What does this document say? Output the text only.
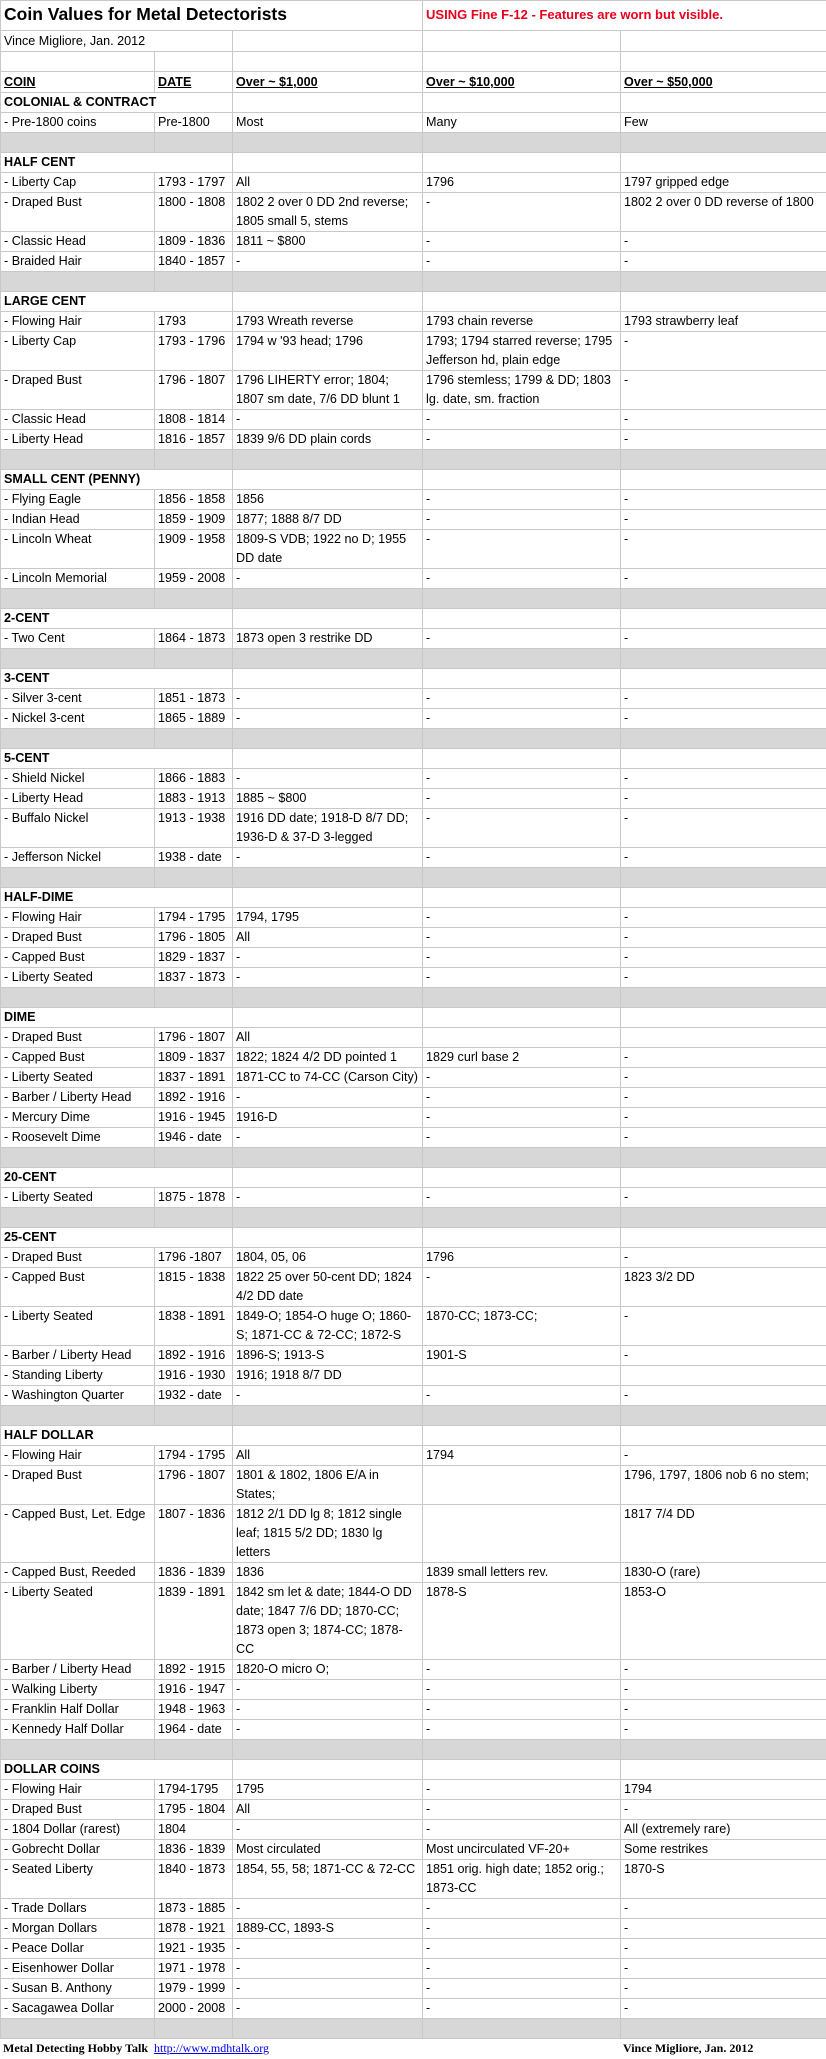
Coin Values for Metal Detectorists			USING Fine F-12 - Features are worn but visible.	
Vince Migliore, Jan. 2012				

COIN	DATE	Over ~ $1,000	Over ~ $10,000	Over ~ $50,000
COLONIAL & CONTRACT				
- Pre-1800 coins	Pre-1800	Most	Many	Few

HALF CENT				
- Liberty Cap	1793 - 1797	All	1796	1797 gripped edge
- Draped Bust	1800 - 1808	1802 2 over 0 DD 2nd reverse; 1805 small 5, stems	-	1802 2 over 0 DD reverse of 1800
- Classic Head	1809 - 1836	1811 ~ $800	-	-
- Braided Hair	1840 - 1857	-	-	-

LARGE CENT				
- Flowing Hair	1793	1793 Wreath reverse	1793 chain reverse	1793 strawberry leaf
- Liberty Cap	1793 - 1796	1794 w '93 head; 1796	1793; 1794 starred reverse; 1795 Jefferson hd, plain edge	-
- Draped Bust	1796 - 1807	1796 LIHERTY error; 1804; 1807 sm date, 7/6 DD blunt 1	1796 stemless; 1799 & DD; 1803 lg. date, sm. fraction	-
- Classic Head	1808 - 1814	-	-	-
- Liberty Head	1816 - 1857	1839 9/6 DD plain cords	-	-

SMALL CENT (PENNY)				
- Flying Eagle	1856 - 1858	1856	-	-
- Indian Head	1859 - 1909	1877; 1888 8/7 DD	-	-
- Lincoln Wheat	1909 - 1958	1809-S VDB; 1922 no D; 1955 DD date	-	-
- Lincoln Memorial	1959 - 2008	-	-	-

2-CENT				
- Two Cent	1864 - 1873	1873 open 3 restrike DD	-	-

3-CENT				
- Silver 3-cent	1851 - 1873	-	-	-
- Nickel 3-cent	1865 - 1889	-	-	-

5-CENT				
- Shield Nickel	1866 - 1883	-	-	-
- Liberty Head	1883 - 1913	1885 ~ $800	-	-
- Buffalo Nickel	1913 - 1938	1916 DD date; 1918-D 8/7 DD; 1936-D & 37-D 3-legged	-	-
- Jefferson Nickel	1938 - date	-	-	-

HALF-DIME				
- Flowing Hair	1794 - 1795	1794, 1795	-	-
- Draped Bust	1796 - 1805	All	-	-
- Capped Bust	1829 - 1837	-	-	-
- Liberty Seated	1837 - 1873	-	-	-

DIME				
- Draped Bust	1796 - 1807	All		
- Capped Bust	1809 - 1837	1822; 1824 4/2 DD pointed 1	1829 curl base 2	-
- Liberty Seated	1837 - 1891	1871-CC to 74-CC (Carson City)	-	-
- Barber / Liberty Head	1892 - 1916	-	-	-
- Mercury Dime	1916 - 1945	1916-D	-	-
- Roosevelt Dime	1946 - date	-	-	-

20-CENT				
- Liberty Seated	1875 - 1878	-	-	-

25-CENT				
- Draped Bust	1796 -1807	1804, 05, 06	1796	-
- Capped Bust	1815 - 1838	1822 25 over 50-cent DD; 1824 4/2 DD date	-	1823 3/2 DD
- Liberty Seated	1838 - 1891	1849-O; 1854-O huge O; 1860-S; 1871-CC & 72-CC; 1872-S	1870-CC; 1873-CC;	-
- Barber / Liberty Head	1892 - 1916	1896-S; 1913-S	1901-S	-
- Standing Liberty	1916 - 1930	1916; 1918 8/7 DD		
- Washington Quarter	1932 - date	-	-	-

HALF DOLLAR				
- Flowing Hair	1794 - 1795	All	1794	-
- Draped Bust	1796 - 1807	1801 & 1802, 1806 E/A in States;		1796, 1797, 1806 nob 6 no stem;
- Capped Bust, Let. Edge	1807 - 1836	1812 2/1 DD lg 8; 1812 single leaf; 1815 5/2 DD; 1830 lg letters		1817 7/4 DD
- Capped Bust, Reeded	1836 - 1839	1836	1839 small letters rev.	1830-O (rare)
- Liberty Seated	1839 - 1891	1842 sm let & date; 1844-O DD date; 1847 7/6 DD; 1870-CC; 1873 open 3; 1874-CC; 1878-CC	1878-S	1853-O
- Barber / Liberty Head	1892 - 1915	1820-O micro O;	-	-
- Walking Liberty	1916 - 1947	-	-	-
- Franklin Half Dollar	1948 - 1963	-	-	-
- Kennedy Half Dollar	1964 - date	-	-	-

DOLLAR COINS				
- Flowing Hair	1794-1795	1795	-	1794
- Draped Bust	1795 - 1804	All	-	-
- 1804 Dollar (rarest)	1804	-	-	All (extremely rare)
- Gobrecht Dollar	1836 - 1839	Most circulated	Most uncirculated VF-20+	Some restrikes
- Seated Liberty	1840 - 1873	1854, 55, 58; 1871-CC & 72-CC	1851 orig. high date; 1852 orig.; 1873-CC	1870-S
- Trade Dollars	1873 - 1885	-	-	-
- Morgan Dollars	1878 - 1921	1889-CC, 1893-S	-	-
- Peace Dollar	1921 - 1935	-	-	-
- Eisenhower Dollar	1971 - 1978	-	-	-
- Susan B. Anthony	1979 - 1999	-	-	-
- Sacagawea Dollar	2000 - 2008	-	-	-

Metal Detecting Hobby Talk http://www.mdhtalk.org		Vince Migliore, Jan. 2012
